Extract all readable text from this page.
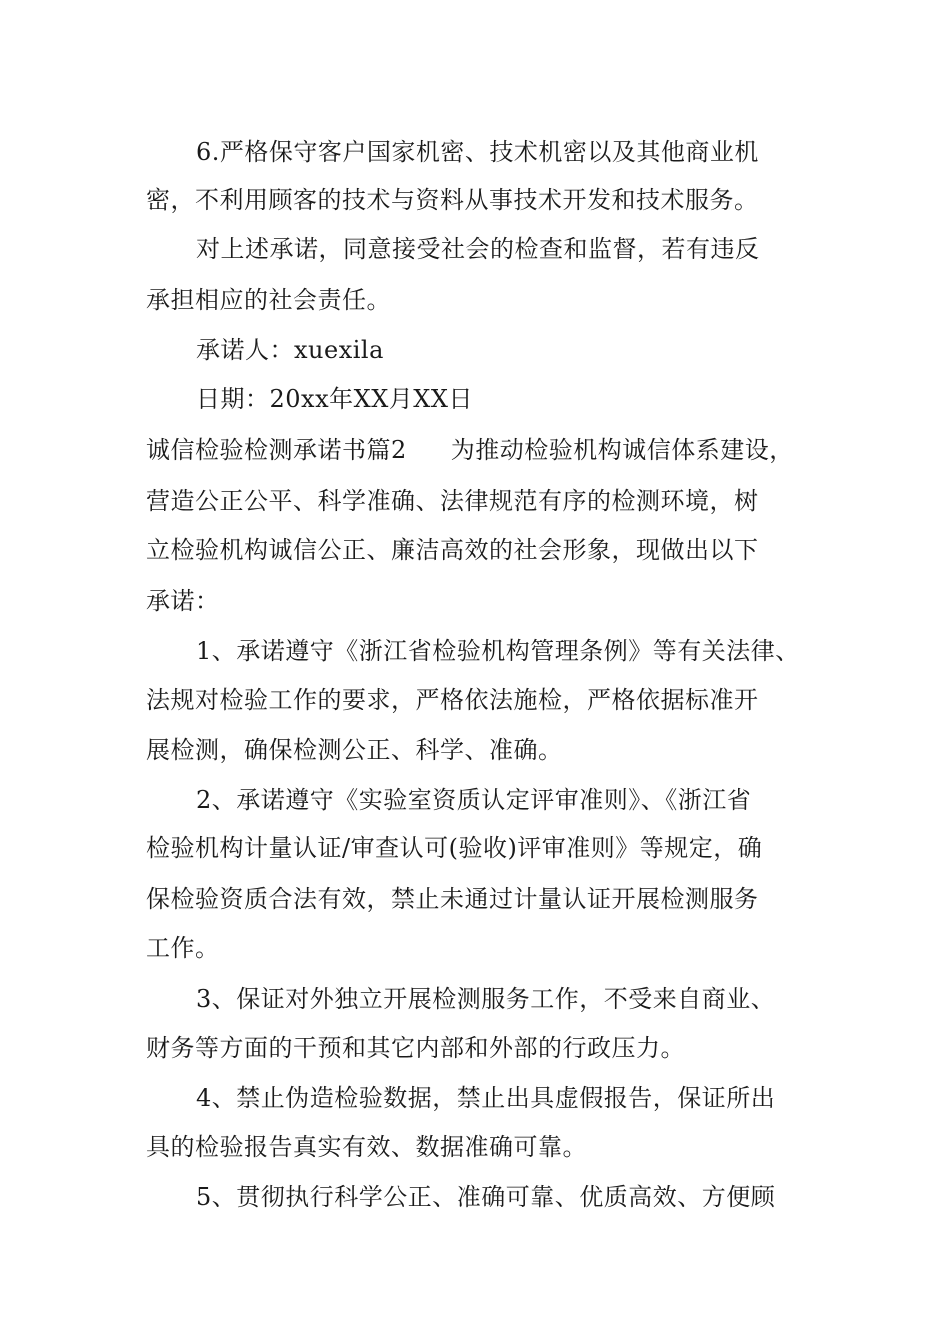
6.严格保守客户国家机密、技术机密以及其他商业机
密，不利用顾客的技术与资料从事技术开发和技术服务。
对上述承诺，同意接受社会的检查和监督，若有违反
承担相应的社会责任。
承诺人：xuexila
日期：20xx年XX月XX日
诚信检验检测承诺书篇2 为推动检验机构诚信体系建设，
营造公正公平、科学准确、法律规范有序的检测环境，树
立检验机构诚信公正、廉洁高效的社会形象，现做出以下
承诺：
1、承诺遵守《浙江省检验机构管理条例》等有关法律、
法规对检验工作的要求，严格依法施检，严格依据标准开
展检测，确保检测公正、科学、准确。
2、承诺遵守《实验室资质认定评审准则》、《浙江省
检验机构计量认证/审查认可(验收)评审准则》等规定，确
保检验资质合法有效，禁止未通过计量认证开展检测服务
工作。
3、保证对外独立开展检测服务工作，不受来自商业、
财务等方面的干预和其它内部和外部的行政压力。
4、禁止伪造检验数据，禁止出具虚假报告，保证所出
具的检验报告真实有效、数据准确可靠。
5、贯彻执行科学公正、准确可靠、优质高效、方便顾
